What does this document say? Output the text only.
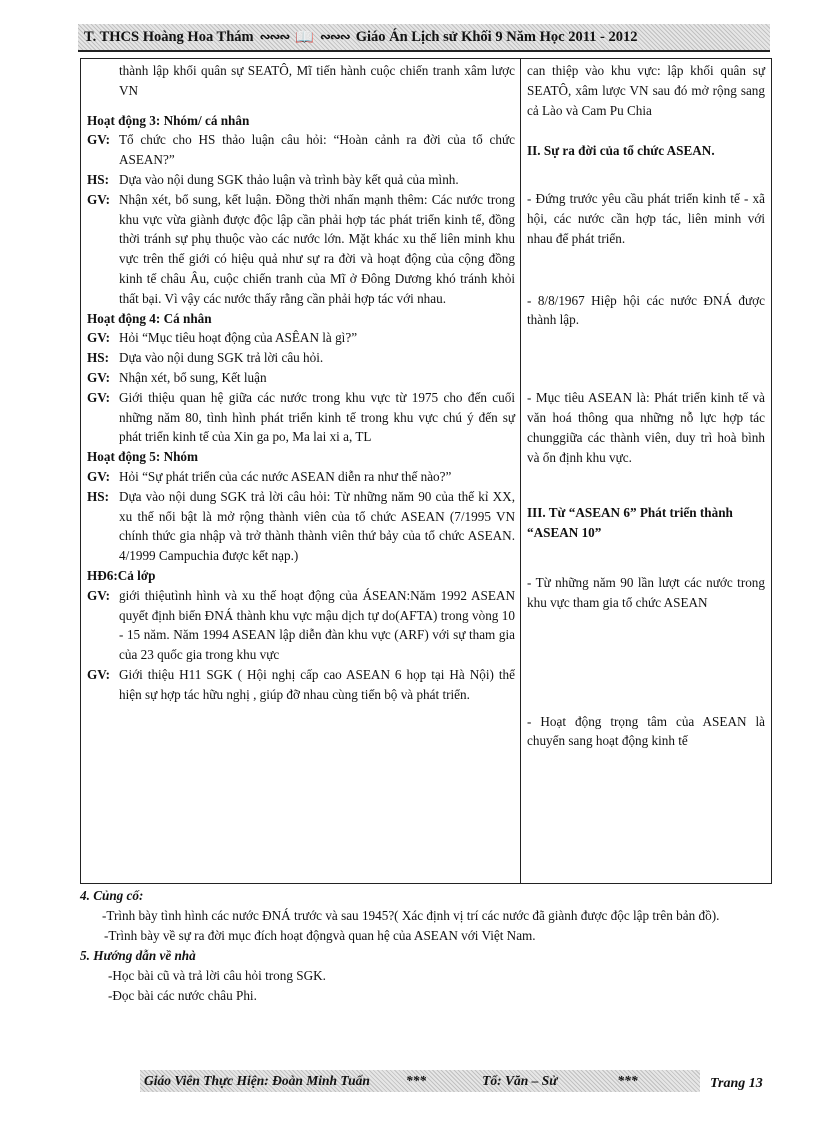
T. THCS Hoàng Hoa Thám ∾∾∾ 📖 ∾∾∾ Giáo Án Lịch sử Khối 9 Năm Học 2011 - 2012
thành lập khối quân sự SEATÔ, Mĩ tiến hành cuộc chiến tranh xâm lược VN
Hoạt động 3: Nhóm/ cá nhân
GV: Tổ chức cho HS thảo luận câu hỏi: “Hoàn cảnh ra đời của tổ chức ASEAN?”
HS: Dựa vào nội dung SGK thảo luận và trình bày kết quả của mình.
GV: Nhận xét, bổ sung, kết luận. Đồng thời nhấn mạnh thêm: Các nước trong khu vực vừa giành được độc lập cần phải hợp tác phát triển kinh tế, đồng thời tránh sự phụ thuộc vào các nước lớn. Mặt khác xu thế liên minh khu vực trên thế giới có hiệu quả như sự ra đời và hoạt động của cộng đồng kinh tế châu Âu, cuộc chiến tranh của Mĩ ở Đông Dương khó tránh khỏi thất bại. Vì vậy các nước thấy rằng cần phải hợp tác với nhau.
Hoạt động 4: Cá nhân
GV: Hỏi “Mục tiêu hoạt động của ASÊAN là gì?”
HS: Dựa vào nội dung SGK trả lời câu hỏi.
GV: Nhận xét, bổ sung, Kết luận
GV: Giới thiệu quan hệ giữa các nước trong khu vực từ 1975 cho đến cuối những năm 80, tình hình phát triển kinh tế trong khu vực chú ý đến sự phát triển kinh tế của Xin ga po, Ma lai xi a, TL
Hoạt động 5: Nhóm
GV: Hỏi “Sự phát triển của các nước ASEAN diễn ra như thế nào?”
HS: Dựa vào nội dung SGK trả lời câu hỏi: Từ những năm 90 của thế kỉ XX, xu thế nổi bật là mở rộng thành viên của tổ chức ASEAN (7/1995 VN chính thức gia nhập và trở thành thành viên thứ bảy của tổ chức ASEAN. 4/1999 Campuchia được kết nạp.)
HĐ6:Cả lớp
GV: giới thiệutình hình và xu thế hoạt động của ÁSEAN:Năm 1992 ASEAN quyết định biến ĐNÁ thành khu vực mậu dịch tự do(AFTA) trong vòng 10 - 15 năm. Năm 1994 ASEAN lập diễn đàn khu vực (ARF) với sự tham gia của 23 quốc gia trong khu vực
GV: Giới thiệu H11 SGK ( Hội nghị cấp cao ASEAN 6 họp tại Hà Nội) thể hiện sự hợp tác hữu nghị , giúp đỡ nhau cùng tiến bộ và phát triển.
can thiệp vào khu vực: lập khối quân sự SEATÔ, xâm lược VN sau đó mở rộng sang cả Lào và Cam Pu Chia
II. Sự ra đời của tổ chức ASEAN.
- Đứng trước yêu cầu phát triển kinh tế - xã hội, các nước cần hợp tác, liên minh với nhau để phát triển.
- 8/8/1967 Hiệp hội các nước ĐNÁ được thành lập.
- Mục tiêu ASEAN là: Phát triển kinh tế và văn hoá thông qua những nỗ lực hợp tác chunggiữa các thành viên, duy trì hoà bình và ổn định khu vực.
III. Từ “ASEAN 6” Phát triển thành “ASEAN 10”
- Từ những năm 90 lần lượt các nước trong khu vực tham gia tổ chức ASEAN
- Hoạt động trọng tâm của ASEAN là chuyển sang hoạt động kinh tế
4. Củng cố:
-Trình bày tình hình các nước ĐNÁ trước và sau 1945?( Xác định vị trí các nước đã giành được độc lập trên bản đồ).
-Trình bày về sự ra đời mục đích hoạt độngvà quan hệ của ASEAN với Việt Nam.
5. Hướng dẫn về nhà
-Học bài cũ và trả lời câu hỏi trong SGK.
-Đọc bài các nước châu Phi.
Giáo Viên Thực Hiện: Đoàn Minh Tuấn	***	Tổ: Văn – Sử	***	Trang 13
